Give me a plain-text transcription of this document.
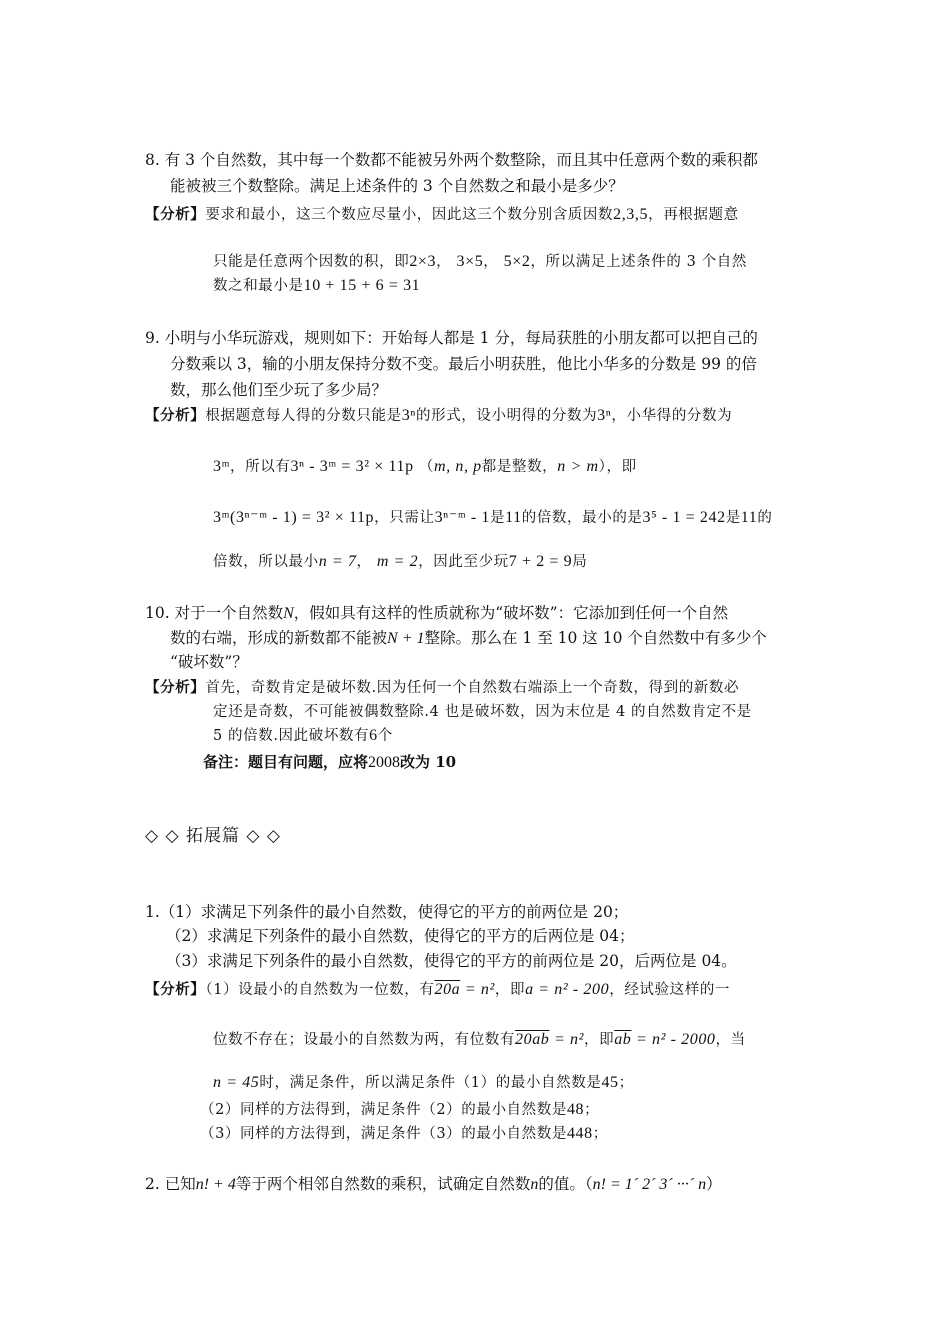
8. 有 3 个自然数，其中每一个数都不能被另外两个数整除，而且其中任意两个数的乘积都
能被被三个数整除。满足上述条件的 3 个自然数之和最小是多少？
【分析】要求和最小，这三个数应尽量小，因此这三个数分别含质因数2,3,5，再根据题意
只能是任意两个因数的积，即2×3， 3×5， 5×2，所以满足上述条件的 3 个自然
数之和最小是10 + 15 + 6 = 31
9. 小明与小华玩游戏，规则如下：开始每人都是 1 分，每局获胜的小朋友都可以把自己的
分数乘以 3，输的小朋友保持分数不变。最后小明获胜，他比小华多的分数是 99 的倍
数，那么他们至少玩了多少局？
【分析】根据题意每人得的分数只能是3ⁿ的形式，设小明得的分数为3ⁿ，小华得的分数为
3ᵐ，所以有3ⁿ - 3ᵐ = 3² × 11p （m, n, p都是整数，n > m），即
3ᵐ(3ⁿ⁻ᵐ - 1) = 3² × 11p，只需让3ⁿ⁻ᵐ - 1是11的倍数，最小的是3⁵ - 1 = 242是11的
倍数，所以最小n = 7， m = 2，因此至少玩7 + 2 = 9局
10. 对于一个自然数N，假如具有这样的性质就称为“破坏数”：它添加到任何一个自然
数的右端，形成的新数都不能被N + 1整除。那么在 1 至 10 这 10 个自然数中有多少个
“破坏数”？
【分析】首先，奇数肯定是破坏数.因为任何一个自然数右端添上一个奇数，得到的新数必
定还是奇数，不可能被偶数整除.4 也是破坏数，因为末位是 4 的自然数肯定不是
5 的倍数.因此破坏数有6个
备注：题目有问题，应将2008改为 10
◇ ◇ 拓展篇 ◇ ◇
1.（1）求满足下列条件的最小自然数，使得它的平方的前两位是 20；
（2）求满足下列条件的最小自然数，使得它的平方的后两位是 04；
（3）求满足下列条件的最小自然数，使得它的平方的前两位是 20，后两位是 04。
【分析】（1）设最小的自然数为一位数，有20a = n²，即a = n² - 200，经试验这样的一
位数不存在；设最小的自然数为两，有位数有20ab = n²，即$\overline{ab} = n^2 - 2000$，当
n = 45时，满足条件，所以满足条件（1）的最小自然数是45；
（2）同样的方法得到，满足条件（2）的最小自然数是48；
（3）同样的方法得到，满足条件（3）的最小自然数是448；
2. 已知n! + 4等于两个相邻自然数的乘积，试确定自然数n的值。（n! = 1´ 2´ 3´ ···´ n）
